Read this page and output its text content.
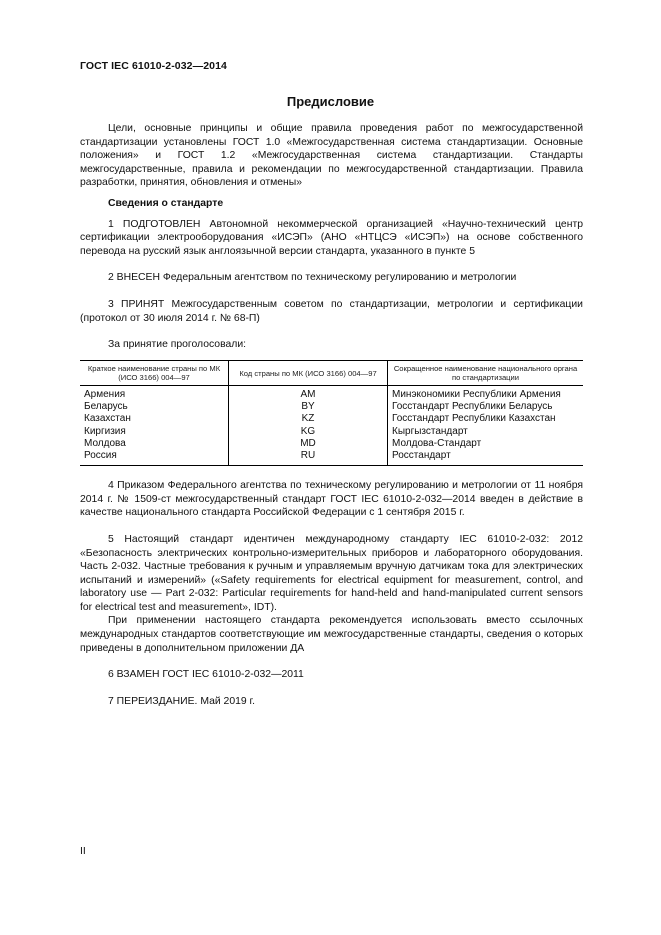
ГОСТ IEC 61010-2-032—2014
Предисловие

Цели, основные принципы и общие правила проведения работ по межгосударственной стандартизации установлены ГОСТ 1.0 «Межгосударственная система стандартизации. Основные положения» и ГОСТ 1.2 «Межгосударственная система стандартизации. Стандарты межгосударственные, правила и рекомендации по межгосударственной стандартизации. Правила разработки, принятия, обновления и отмены»

Сведения о стандарте

1 ПОДГОТОВЛЕН Автономной некоммерческой организацией «Научно-технический центр сертификации электрооборудования «ИСЭП» (АНО «НТЦСЭ «ИСЭП») на основе собственного перевода на русский язык англоязычной версии стандарта, указанного в пункте 5

2 ВНЕСЕН Федеральным агентством по техническому регулированию и метрологии

3 ПРИНЯТ Межгосударственным советом по стандартизации, метрологии и сертификации (протокол от 30 июля 2014 г. № 68-П)

За принятие проголосовали:

Краткое наименование страны по МК (ИСО 3166) 004—97	Код страны по МК (ИСО 3166) 004—97	Сокращенное наименование национального органа по стандартизации
Армения	AM	Минэкономики Республики Армения
Беларусь	BY	Госстандарт Республики Беларусь
Казахстан	KZ	Госстандарт Республики Казахстан
Киргизия	KG	Кыргызстандарт
Молдова	MD	Молдова-Стандарт
Россия	RU	Росстандарт

4 Приказом Федерального агентства по техническому регулированию и метрологии от 11 ноября 2014 г. № 1509-ст межгосударственный стандарт ГОСТ IEC 61010-2-032—2014 введен в действие в качестве национального стандарта Российской Федерации с 1 сентября 2015 г.

5 Настоящий стандарт идентичен международному стандарту IEC 61010-2-032: 2012 «Безопасность электрических контрольно-измерительных приборов и лабораторного оборудования. Часть 2-032. Частные требования к ручным и управляемым вручную датчикам тока для электрических испытаний и измерений» («Safety requirements for electrical equipment for measurement, control, and laboratory use — Part 2-032: Particular requirements for hand-held and hand-manipulated current sensors for electrical test and measurement», IDT).

При применении настоящего стандарта рекомендуется использовать вместо ссылочных международных стандартов соответствующие им межгосударственные стандарты, сведения о которых приведены в дополнительном приложении ДА

6 ВЗАМЕН ГОСТ IEC 61010-2-032—2011

7 ПЕРЕИЗДАНИЕ. Май 2019 г.

II
